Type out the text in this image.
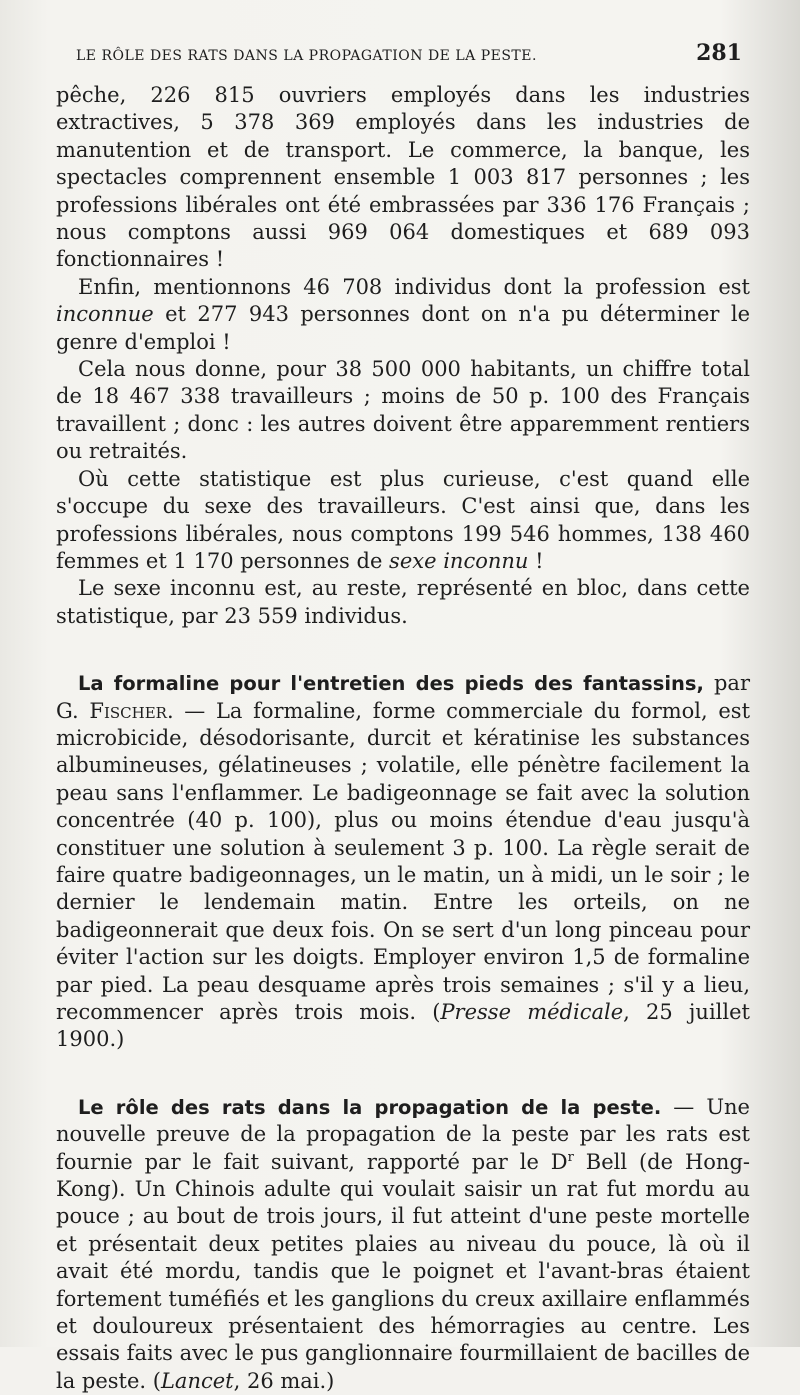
LE RÔLE DES RATS DANS LA PROPAGATION DE LA PESTE.	281

pêche, 226 815 ouvriers employés dans les industries extractives, 5 378 369 employés dans les industries de manutention et de transport. Le commerce, la banque, les spectacles comprennent ensemble 1 003 817 personnes ; les professions libérales ont été embrassées par 336 176 Français ; nous comptons aussi 969 064 domestiques et 689 093 fonctionnaires !

Enfin, mentionnons 46 708 individus dont la profession est inconnue et 277 943 personnes dont on n'a pu déterminer le genre d'emploi !

Cela nous donne, pour 38 500 000 habitants, un chiffre total de 18 467 338 travailleurs ; moins de 50 p. 100 des Français travaillent ; donc : les autres doivent être apparemment rentiers ou retraités.

Où cette statistique est plus curieuse, c'est quand elle s'occupe du sexe des travailleurs. C'est ainsi que, dans les professions libérales, nous comptons 199 546 hommes, 138 460 femmes et 1 170 personnes de sexe inconnu !

Le sexe inconnu est, au reste, représenté en bloc, dans cette statistique, par 23 559 individus.

La formaline pour l'entretien des pieds des fantassins, par G. Fischer. — La formaline, forme commerciale du formol, est microbicide, désodorisante, durcit et kératinise les substances albumineuses, gélatineuses ; volatile, elle pénètre facilement la peau sans l'enflammer. Le badigeonnage se fait avec la solution concentrée (40 p. 100), plus ou moins étendue d'eau jusqu'à constituer une solution à seulement 3 p. 100. La règle serait de faire quatre badigeonnages, un le matin, un à midi, un le soir ; le dernier le lendemain matin. Entre les orteils, on ne badigeonnerait que deux fois. On se sert d'un long pinceau pour éviter l'action sur les doigts. Employer environ 1,5 de formaline par pied. La peau desquame après trois semaines ; s'il y a lieu, recommencer après trois mois. (Presse médicale, 25 juillet 1900.)

Le rôle des rats dans la propagation de la peste. — Une nouvelle preuve de la propagation de la peste par les rats est fournie par le fait suivant, rapporté par le $D^r$ Bell (de Hong-Kong). Un Chinois adulte qui voulait saisir un rat fut mordu au pouce ; au bout de trois jours, il fut atteint d'une peste mortelle et présentait deux petites plaies au niveau du pouce, là où il avait été mordu, tandis que le poignet et l'avant-bras étaient fortement tuméfiés et les ganglions du creux axillaire enflammés et douloureux présentaient des hémorragies au centre. Les essais faits avec le pus ganglionnaire fourmillaient de bacilles de la peste. (Lancet, 26 mai.)
